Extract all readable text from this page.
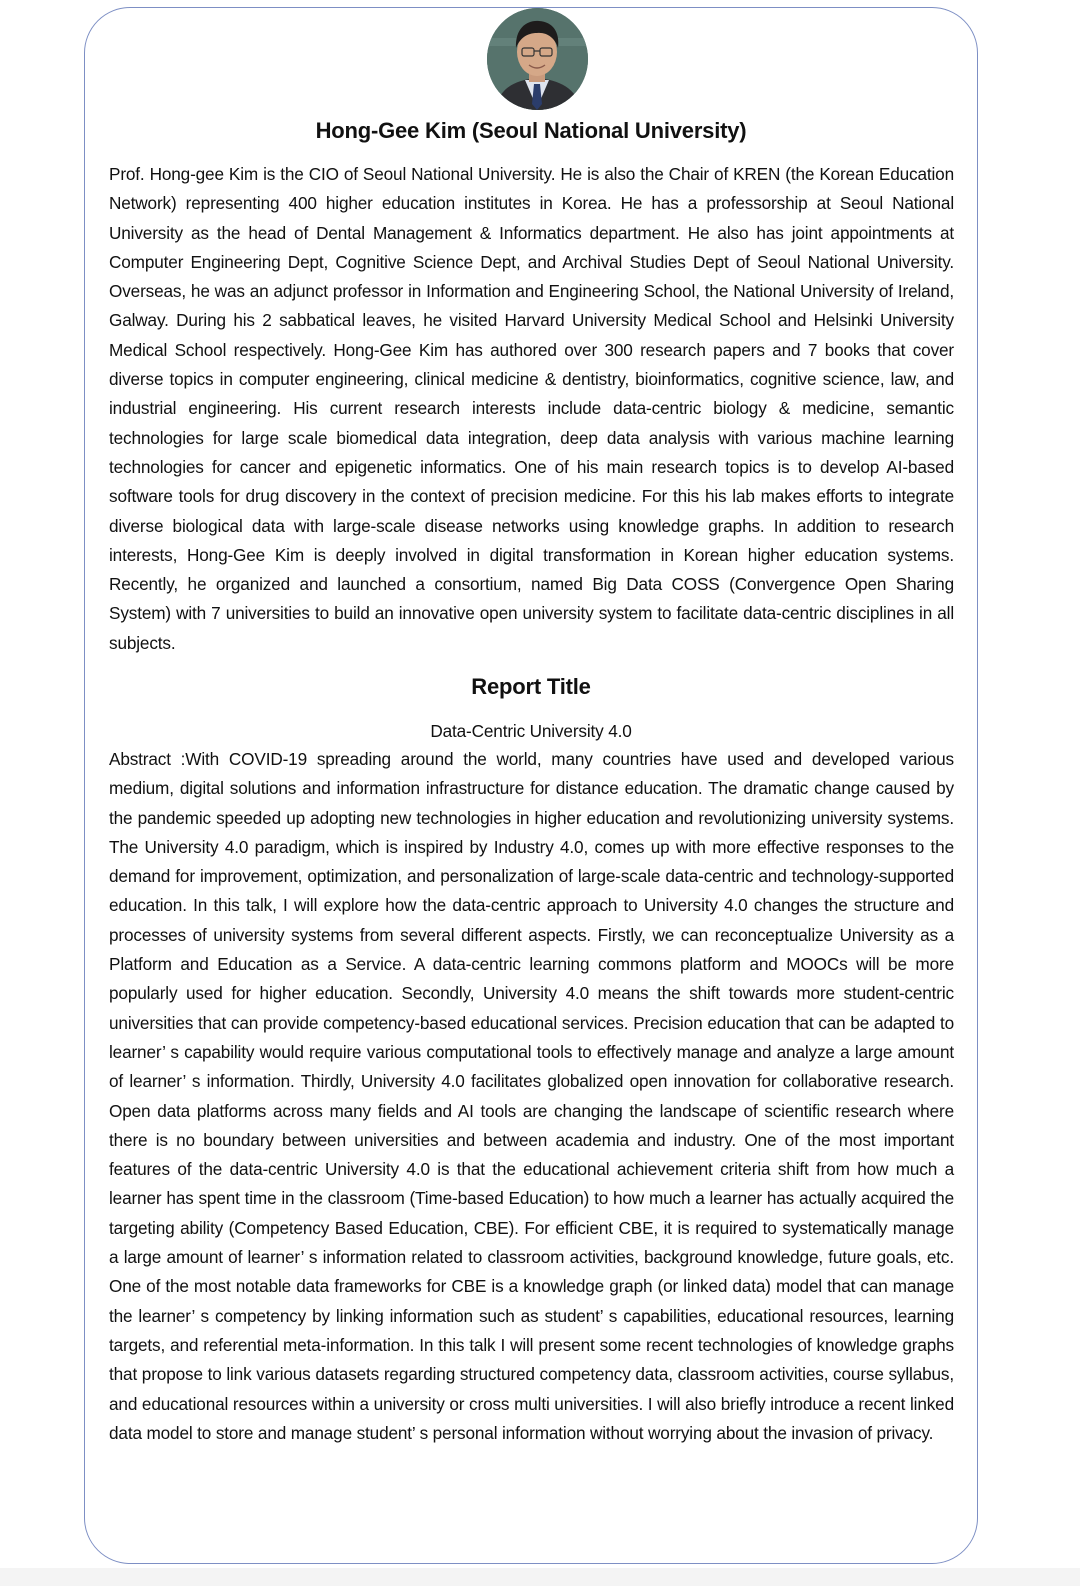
Hong-Gee Kim (Seoul National University)
Prof. Hong-gee Kim is the CIO of Seoul National University. He is also the Chair of KREN (the Korean Education Network) representing 400 higher education institutes in Korea. He has a professorship at Seoul National University as the head of Dental Management & Informatics department. He also has joint appointments at Computer Engineering Dept, Cognitive Science Dept, and Archival Studies Dept of Seoul National University. Overseas, he was an adjunct professor in Information and Engineering School, the National University of Ireland, Galway. During his 2 sabbatical leaves, he visited Harvard University Medical School and Helsinki University Medical School respectively. Hong-Gee Kim has authored over 300 research papers and 7 books that cover diverse topics in computer engineering, clinical medicine & dentistry, bioinformatics, cognitive science, law, and industrial engineering. His current research interests include data-centric biology & medicine, semantic technologies for large scale biomedical data integration, deep data analysis with various machine learning technologies for cancer and epigenetic informatics. One of his main research topics is to develop AI-based software tools for drug discovery in the context of precision medicine. For this his lab makes efforts to integrate diverse biological data with large-scale disease networks using knowledge graphs. In addition to research interests, Hong-Gee Kim is deeply involved in digital transformation in Korean higher education systems. Recently, he organized and launched a consortium, named Big Data COSS (Convergence Open Sharing System) with 7 universities to build an innovative open university system to facilitate data-centric disciplines in all subjects.
Report Title
Data-Centric University 4.0
Abstract :With COVID-19 spreading around the world, many countries have used and developed various medium, digital solutions and information infrastructure for distance education. The dramatic change caused by the pandemic speeded up adopting new technologies in higher education and revolutionizing university systems. The University 4.0 paradigm, which is inspired by Industry 4.0, comes up with more effective responses to the demand for improvement, optimization, and personalization of large-scale data-centric and technology-supported education. In this talk, I will explore how the data-centric approach to University 4.0 changes the structure and processes of university systems from several different aspects. Firstly, we can reconceptualize University as a Platform and Education as a Service. A data-centric learning commons platform and MOOCs will be more popularly used for higher education. Secondly, University 4.0 means the shift towards more student-centric universities that can provide competency-based educational services. Precision education that can be adapted to learner’ s capability would require various computational tools to effectively manage and analyze a large amount of learner’ s information. Thirdly, University 4.0 facilitates globalized open innovation for collaborative research. Open data platforms across many fields and AI tools are changing the landscape of scientific research where there is no boundary between universities and between academia and industry. One of the most important features of the data-centric University 4.0 is that the educational achievement criteria shift from how much a learner has spent time in the classroom (Time-based Education) to how much a learner has actually acquired the targeting ability (Competency Based Education, CBE). For efficient CBE, it is required to systematically manage a large amount of learner’ s information related to classroom activities, background knowledge, future goals, etc. One of the most notable data frameworks for CBE is a knowledge graph (or linked data) model that can manage the learner’ s competency by linking information such as student’ s capabilities, educational resources, learning targets, and referential meta-information. In this talk I will present some recent technologies of knowledge graphs that propose to link various datasets regarding structured competency data, classroom activities, course syllabus, and educational resources within a university or cross multi universities. I will also briefly introduce a recent linked data model to store and manage student’ s personal information without worrying about the invasion of privacy.
